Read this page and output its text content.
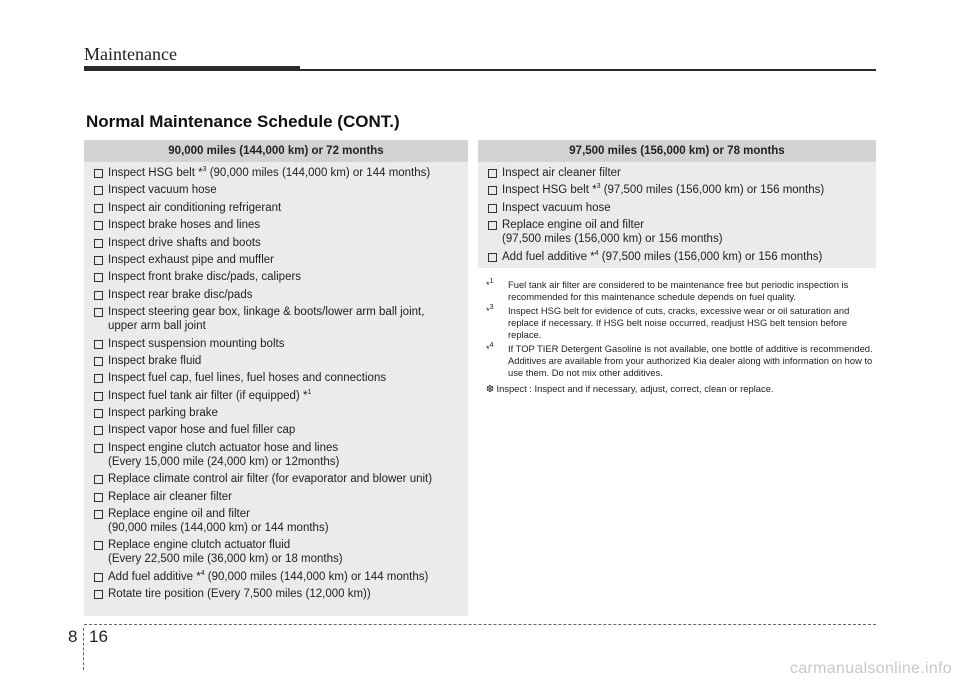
Maintenance
Normal Maintenance Schedule (CONT.)
90,000 miles (144,000 km) or 72 months
Inspect HSG belt *$^3$ (90,000 miles (144,000 km) or 144 months)
Inspect vacuum hose
Inspect air conditioning refrigerant
Inspect brake hoses and lines
Inspect drive shafts and boots
Inspect exhaust pipe and muffler
Inspect front brake disc/pads, calipers
Inspect rear brake disc/pads
Inspect steering gear box, linkage & boots/lower arm ball joint,
upper arm ball joint
Inspect suspension mounting bolts
Inspect brake fluid
Inspect fuel cap, fuel lines, fuel hoses and connections
Inspect fuel tank air filter (if equipped) *$^1$
Inspect parking brake
Inspect vapor hose and fuel filler cap
Inspect engine clutch actuator hose and lines
(Every 15,000 mile (24,000 km) or 12months)
Replace climate control air filter (for evaporator and blower unit)
Replace air cleaner filter
Replace engine oil and filter
(90,000 miles (144,000 km) or 144 months)
Replace engine clutch actuator fluid
(Every 22,500 mile (36,000 km) or 18 months)
Add fuel additive *$^4$ (90,000 miles (144,000 km) or 144 months)
Rotate tire position (Every 7,500 miles (12,000 km))
97,500 miles (156,000 km) or 78 months
Inspect air cleaner filter
Inspect HSG belt *$^3$ (97,500 miles (156,000 km) or 156 months)
Inspect vacuum hose
Replace engine oil and filter
(97,500 miles (156,000 km) or 156 months)
Add fuel additive *$^4$ (97,500 miles (156,000 km) or 156 months)
*$^1$	Fuel tank air filter are considered to be maintenance free but periodic inspection is recommended for this maintenance schedule depends on fuel quality.
*$^3$	Inspect HSG belt for evidence of cuts, cracks, excessive wear or oil saturation and replace if necessary. If HSG belt noise occurred, readjust HSG belt tension before replace.
*$^4$	If TOP TIER Detergent Gasoline is not available, one bottle of additive is recommended. Additives are available from your authorized Kia dealer along with information on how to use them. Do not mix other additives.
❆ Inspect : Inspect and if necessary, adjust, correct, clean or replace.
8 16
carmanualsonline.info
